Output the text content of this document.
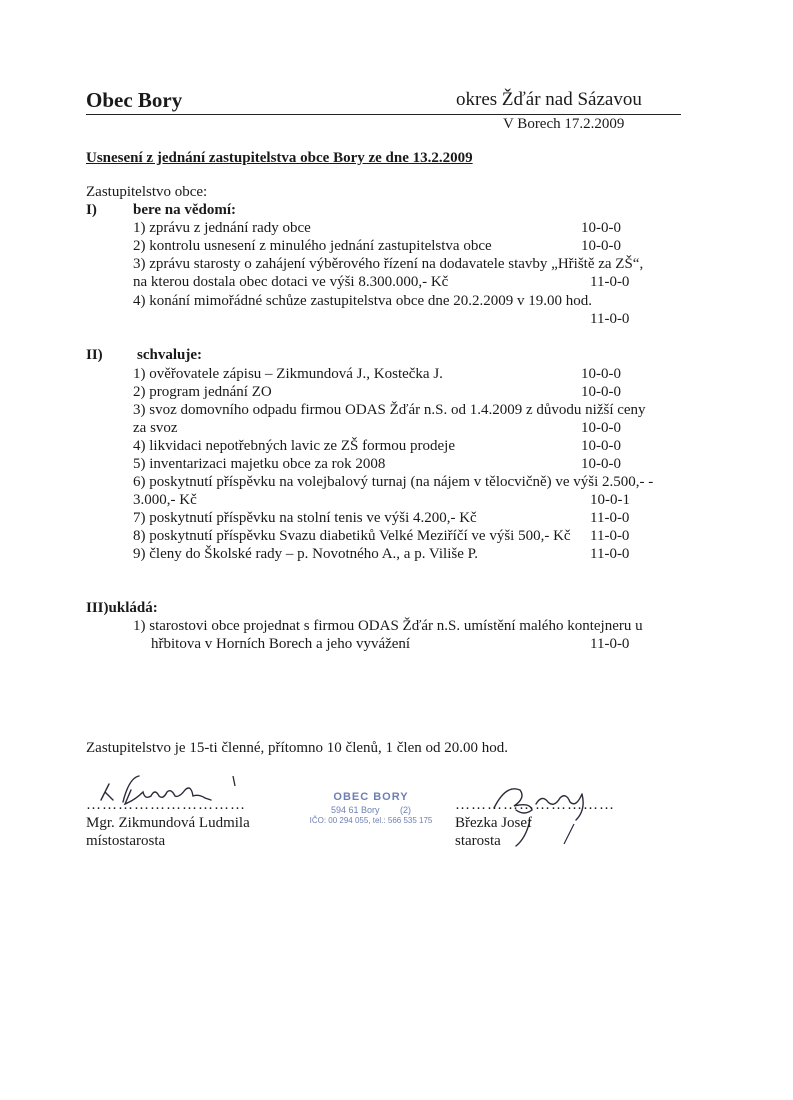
Obec Bory	okres Žďár nad Sázavou
V Borech 17.2.2009
Usnesení z jednání zastupitelstva obce Bory ze dne 13.2.2009
Zastupitelstvo obce:
I) bere na vědomí:
1) zprávu z jednání rady obce	10-0-0
2) kontrolu usnesení z minulého jednání zastupitelstva obce	10-0-0
3) zprávu starosty o zahájení výběrového řízení na dodavatele stavby „Hřiště za ZŠ“,
na kterou dostala obec dotaci ve výši 8.300.000,- Kč	11-0-0
4) konání mimořádné schůze zastupitelstva obce dne 20.2.2009 v 19.00 hod.
11-0-0
II) schvaluje:
1) ověřovatele zápisu – Zikmundová J., Kostečka J.	10-0-0
2) program jednání ZO	10-0-0
3) svoz domovního odpadu firmou ODAS Žďár n.S. od 1.4.2009 z důvodu nižší ceny
za svoz	10-0-0
4) likvidaci nepotřebných lavic ze ZŠ formou prodeje	10-0-0
5) inventarizaci majetku obce za rok 2008	10-0-0
6) poskytnutí příspěvku na volejbalový turnaj (na nájem v tělocvičně) ve výši 2.500,- -
3.000,- Kč	10-0-1
7) poskytnutí příspěvku na stolní tenis ve výši 4.200,- Kč	11-0-0
8) poskytnutí příspěvku Svazu diabetiků Velké Meziříčí ve výši 500,- Kč 11-0-0
9) členy do Školské rady – p. Novotného A., a p. Viliše P.	11-0-0
III)ukládá:
1) starostovi obce projednat s firmou ODAS Žďár n.S. umístění malého kontejneru u
hřbitova v Horních Borech a jeho vyvážení	11-0-0
Zastupitelstvo je 15-ti členné, přítomno 10 členů, 1 člen od 20.00 hod.
…………………………
Mgr. Zikmundová Ludmila
místostarosta
OBEC BORY
594 61 Bory (2)
IČO: 00 294 055, tel.: 566 535 175
…………………………
Březka Josef
starosta
